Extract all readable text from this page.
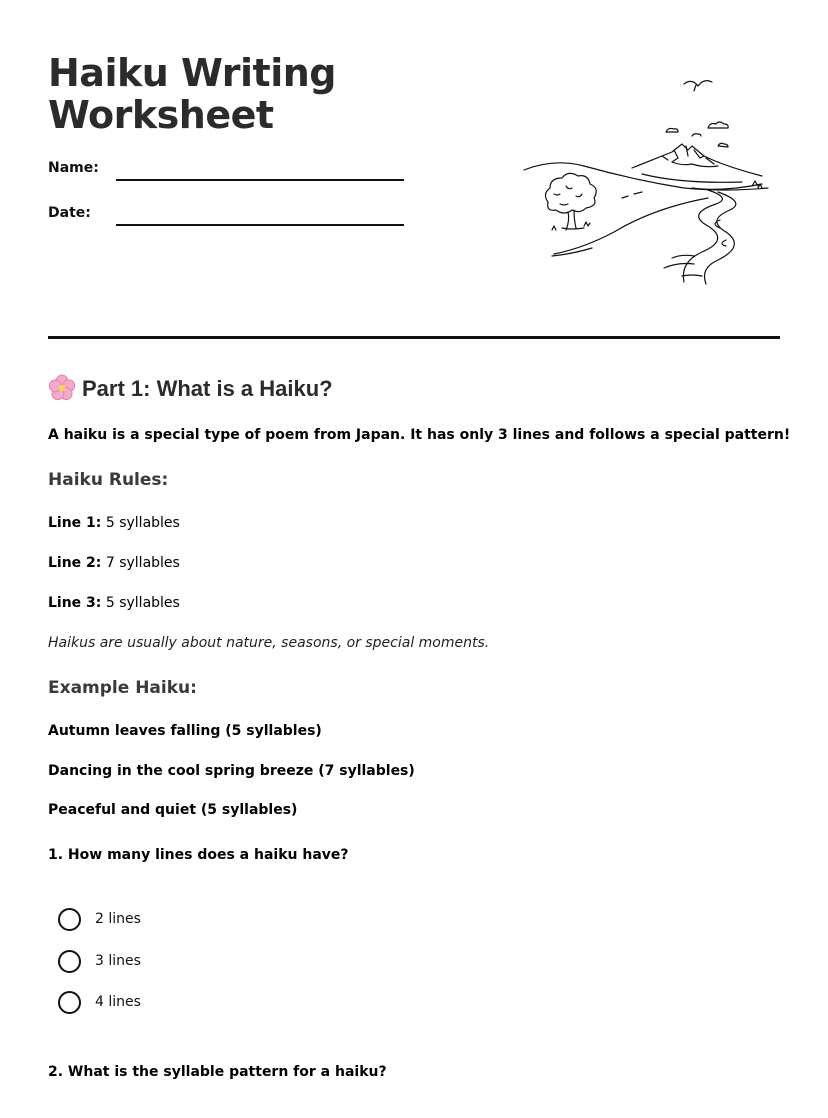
Haiku Writing Worksheet
Name:
Date:
Part 1: What is a Haiku?
A haiku is a special type of poem from Japan. It has only 3 lines and follows a special pattern!
Haiku Rules:
Line 1: 5 syllables
Line 2: 7 syllables
Line 3: 5 syllables
Haikus are usually about nature, seasons, or special moments.
Example Haiku:
Autumn leaves falling (5 syllables)
Dancing in the cool spring breeze (7 syllables)
Peaceful and quiet (5 syllables)
1. How many lines does a haiku have?
2 lines
3 lines
4 lines
2. What is the syllable pattern for a haiku?
